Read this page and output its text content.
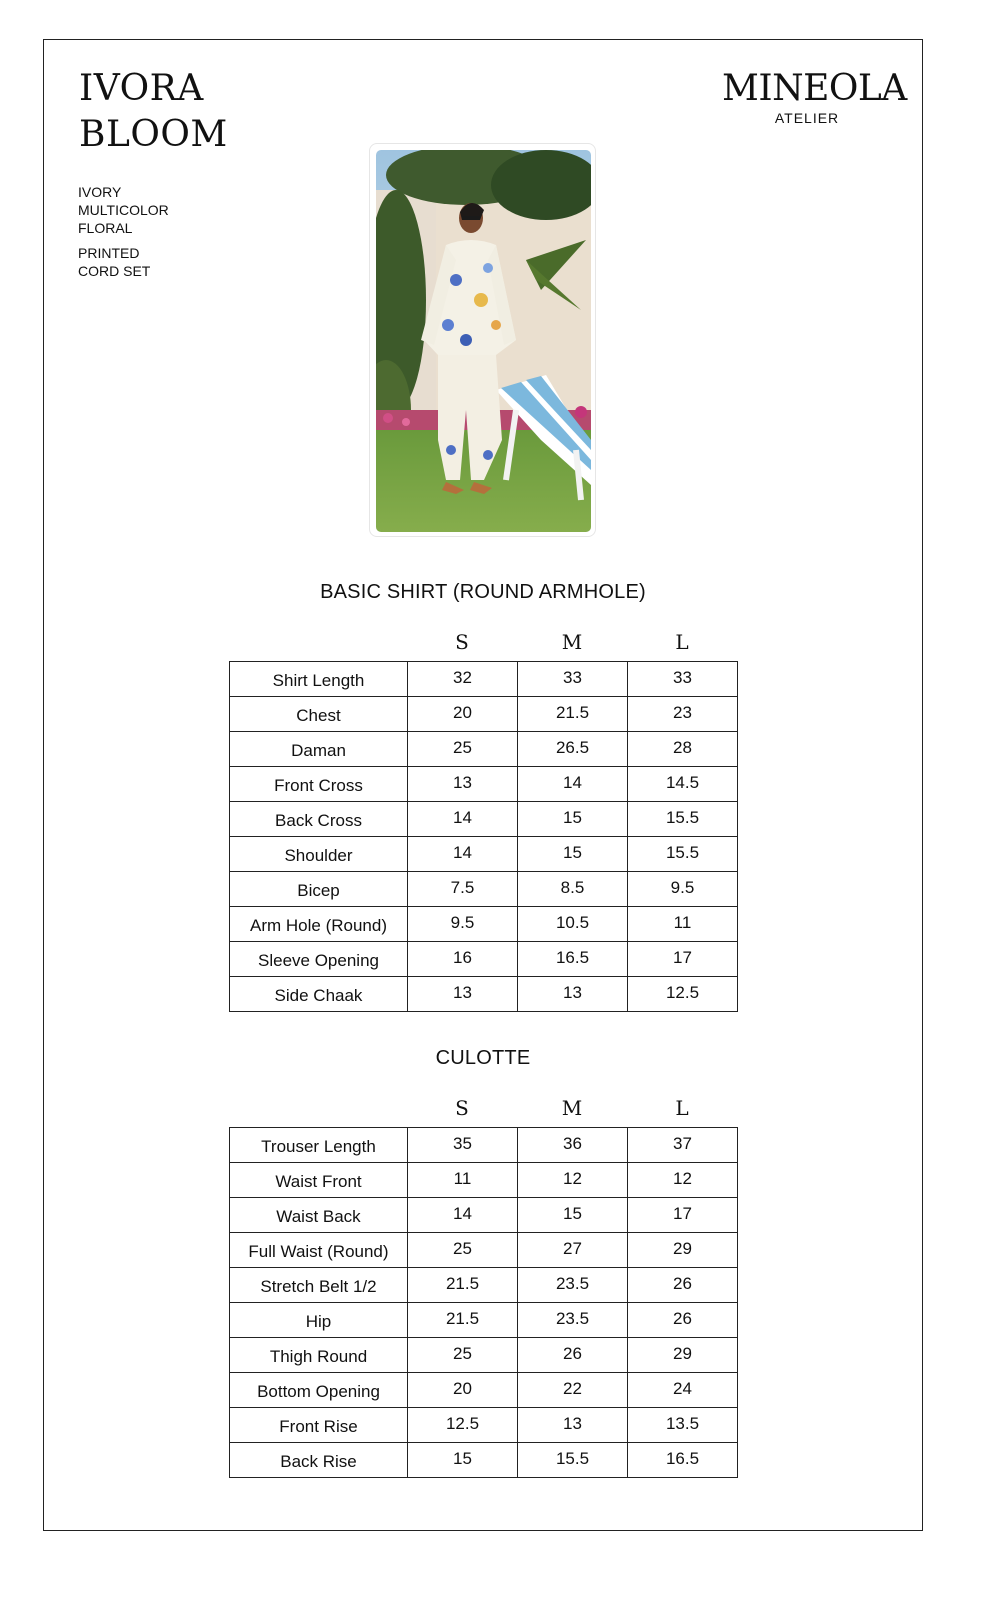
IVORA
BLOOM
IVORY
MULTICOLOR
FLORAL
PRINTED
CORD SET
MINEOLA
ATELIER
BASIC SHIRT (ROUND ARMHOLE)
S	M	L
Shirt Length	32	33	33
Chest	20	21.5	23
Daman	25	26.5	28
Front Cross	13	14	14.5
Back Cross	14	15	15.5
Shoulder	14	15	15.5
Bicep	7.5	8.5	9.5
Arm Hole (Round)	9.5	10.5	11
Sleeve Opening	16	16.5	17
Side Chaak	13	13	12.5
CULOTTE
S	M	L
Trouser Length	35	36	37
Waist Front	11	12	12
Waist Back	14	15	17
Full Waist (Round)	25	27	29
Stretch Belt 1/2	21.5	23.5	26
Hip	21.5	23.5	26
Thigh Round	25	26	29
Bottom Opening	20	22	24
Front Rise	12.5	13	13.5
Back Rise	15	15.5	16.5
